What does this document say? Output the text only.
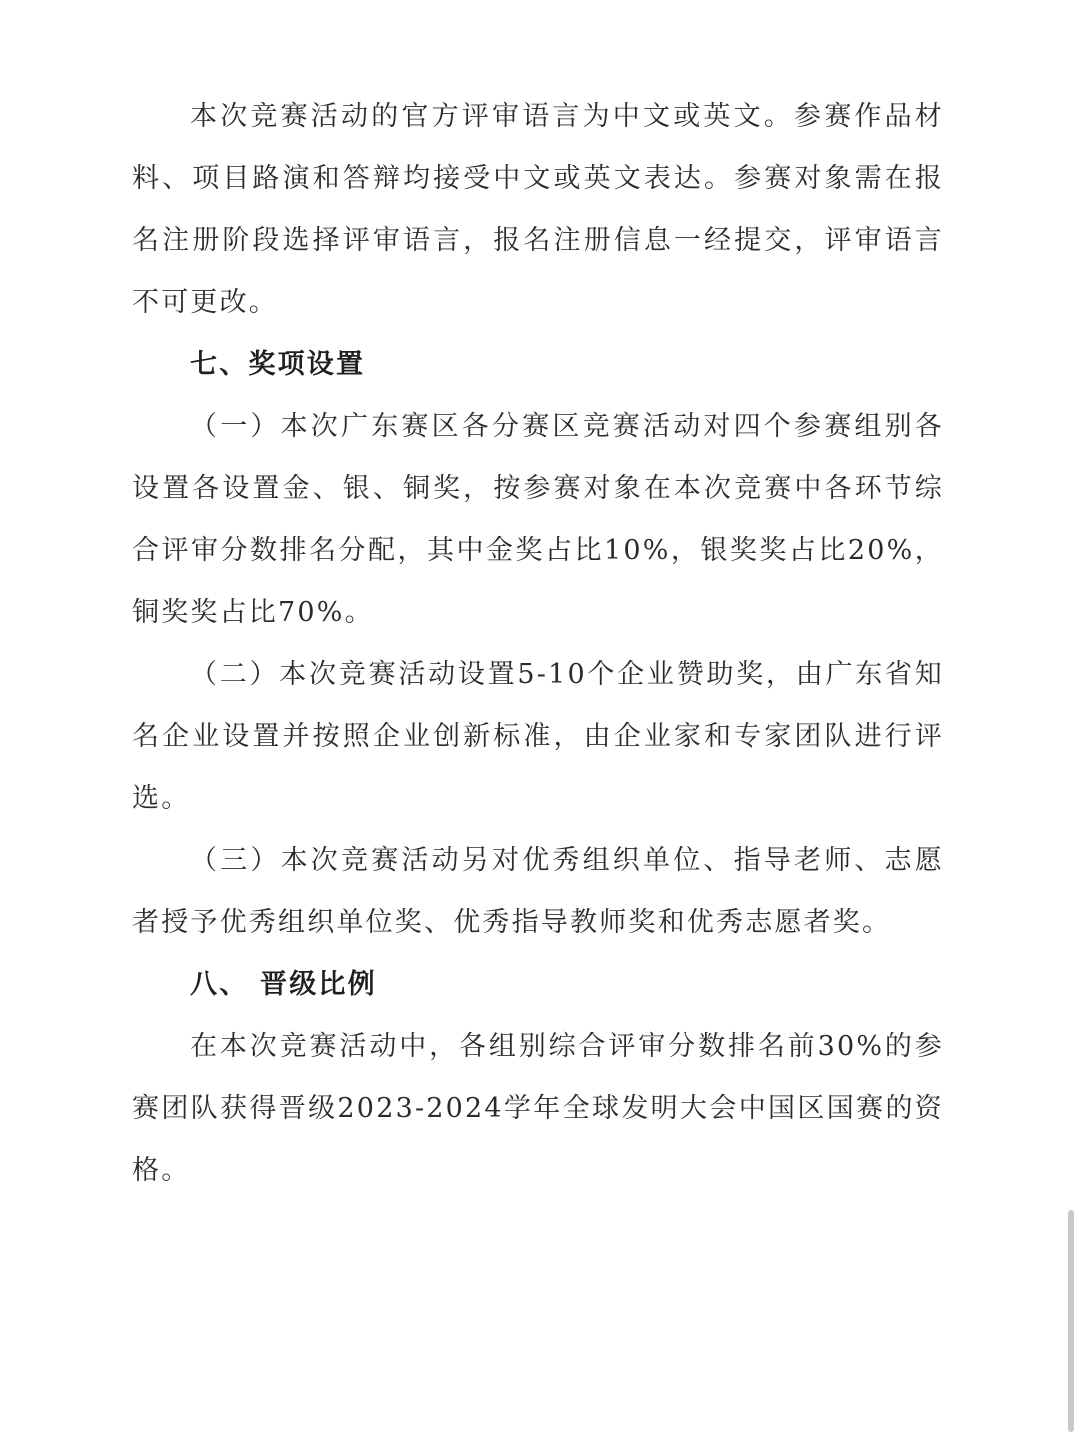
本次竞赛活动的官方评审语言为中文或英文。参赛作品材料、项目路演和答辩均接受中文或英文表达。参赛对象需在报名注册阶段选择评审语言，报名注册信息一经提交，评审语言不可更改。

七、奖项设置

（一）本次广东赛区各分赛区竞赛活动对四个参赛组别各设置各设置金、银、铜奖，按参赛对象在本次竞赛中各环节综合评审分数排名分配，其中金奖占比10%，银奖奖占比20%，铜奖奖占比70%。

（二）本次竞赛活动设置5-10个企业赞助奖，由广东省知名企业设置并按照企业创新标准，由企业家和专家团队进行评选。

（三）本次竞赛活动另对优秀组织单位、指导老师、志愿者授予优秀组织单位奖、优秀指导教师奖和优秀志愿者奖。

八、 晋级比例

在本次竞赛活动中，各组别综合评审分数排名前30%的参赛团队获得晋级2023-2024学年全球发明大会中国区国赛的资格。
